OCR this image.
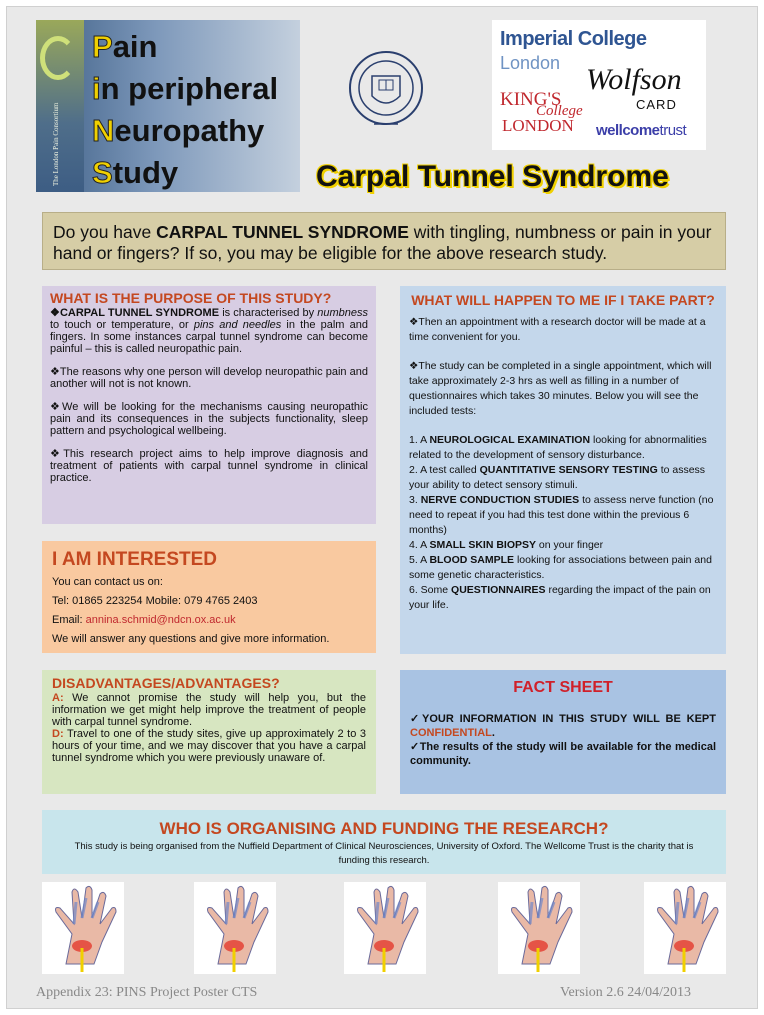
The London Pain Consortium
Pain
in peripheral
Neuropathy
Study
Imperial College
London
KING'S
College
LONDON
Wolfson
CARD
wellcometrust
Carpal Tunnel Syndrome
Do you have CARPAL TUNNEL SYNDROME with tingling, numbness or pain in your hand or fingers? If so, you may be eligible for the above research study.
WHAT IS THE PURPOSE OF THIS STUDY?
❖CARPAL TUNNEL SYNDROME is characterised by numbness to touch or temperature, or pins and needles in the palm and fingers. In some instances carpal tunnel syndrome can become painful – this is called neuropathic pain.
❖The reasons why one person will develop neuropathic pain and another will not is not known.
❖We will be looking for the mechanisms causing neuropathic pain and its consequences in the subjects functionality, sleep pattern and psychological wellbeing.
❖This research project aims to help improve diagnosis and treatment of patients with carpal tunnel syndrome in clinical practice.
WHAT WILL HAPPEN TO ME IF I TAKE PART?
❖Then an appointment with a research doctor will be made at a time convenient for you.
❖The study can be completed in a single appointment, which will take approximately 2-3 hrs as well as filling in a number of questionnaires which takes 30 minutes. Below you will see the included tests:
1. A NEUROLOGICAL EXAMINATION looking for abnormalities related to the development of sensory disturbance.
2. A test called QUANTITATIVE SENSORY TESTING to assess your ability to detect sensory stimuli.
3. NERVE CONDUCTION STUDIES to assess nerve function (no need to repeat if you had this test done within the previous 6 months)
4. A SMALL SKIN BIOPSY on your finger
5. A BLOOD SAMPLE looking for associations between pain and some genetic characteristics.
6. Some QUESTIONNAIRES regarding the impact of the pain on your life.
I AM INTERESTED
You can contact us on:
Tel: 01865 223254 Mobile: 079 4765 2403
Email: annina.schmid@ndcn.ox.ac.uk
We will answer any questions and give more information.
DISADVANTAGES/ADVANTAGES?
A: We cannot promise the study will help you, but the information we get might help improve the treatment of people with carpal tunnel syndrome.
D: Travel to one of the study sites, give up approximately 2 to 3 hours of your time, and we may discover that you have a carpal tunnel syndrome which you were previously unaware of.
FACT SHEET
✓YOUR INFORMATION IN THIS STUDY WILL BE KEPT CONFIDENTIAL.
✓The results of the study will be available for the medical community.
WHO IS ORGANISING AND FUNDING THE RESEARCH?
This study is being organised from the Nuffield Department of Clinical Neurosciences, University of Oxford. The Wellcome Trust is the charity that is funding this research.
Appendix 23: PINS Project Poster CTS	Version 2.6 24/04/2013
